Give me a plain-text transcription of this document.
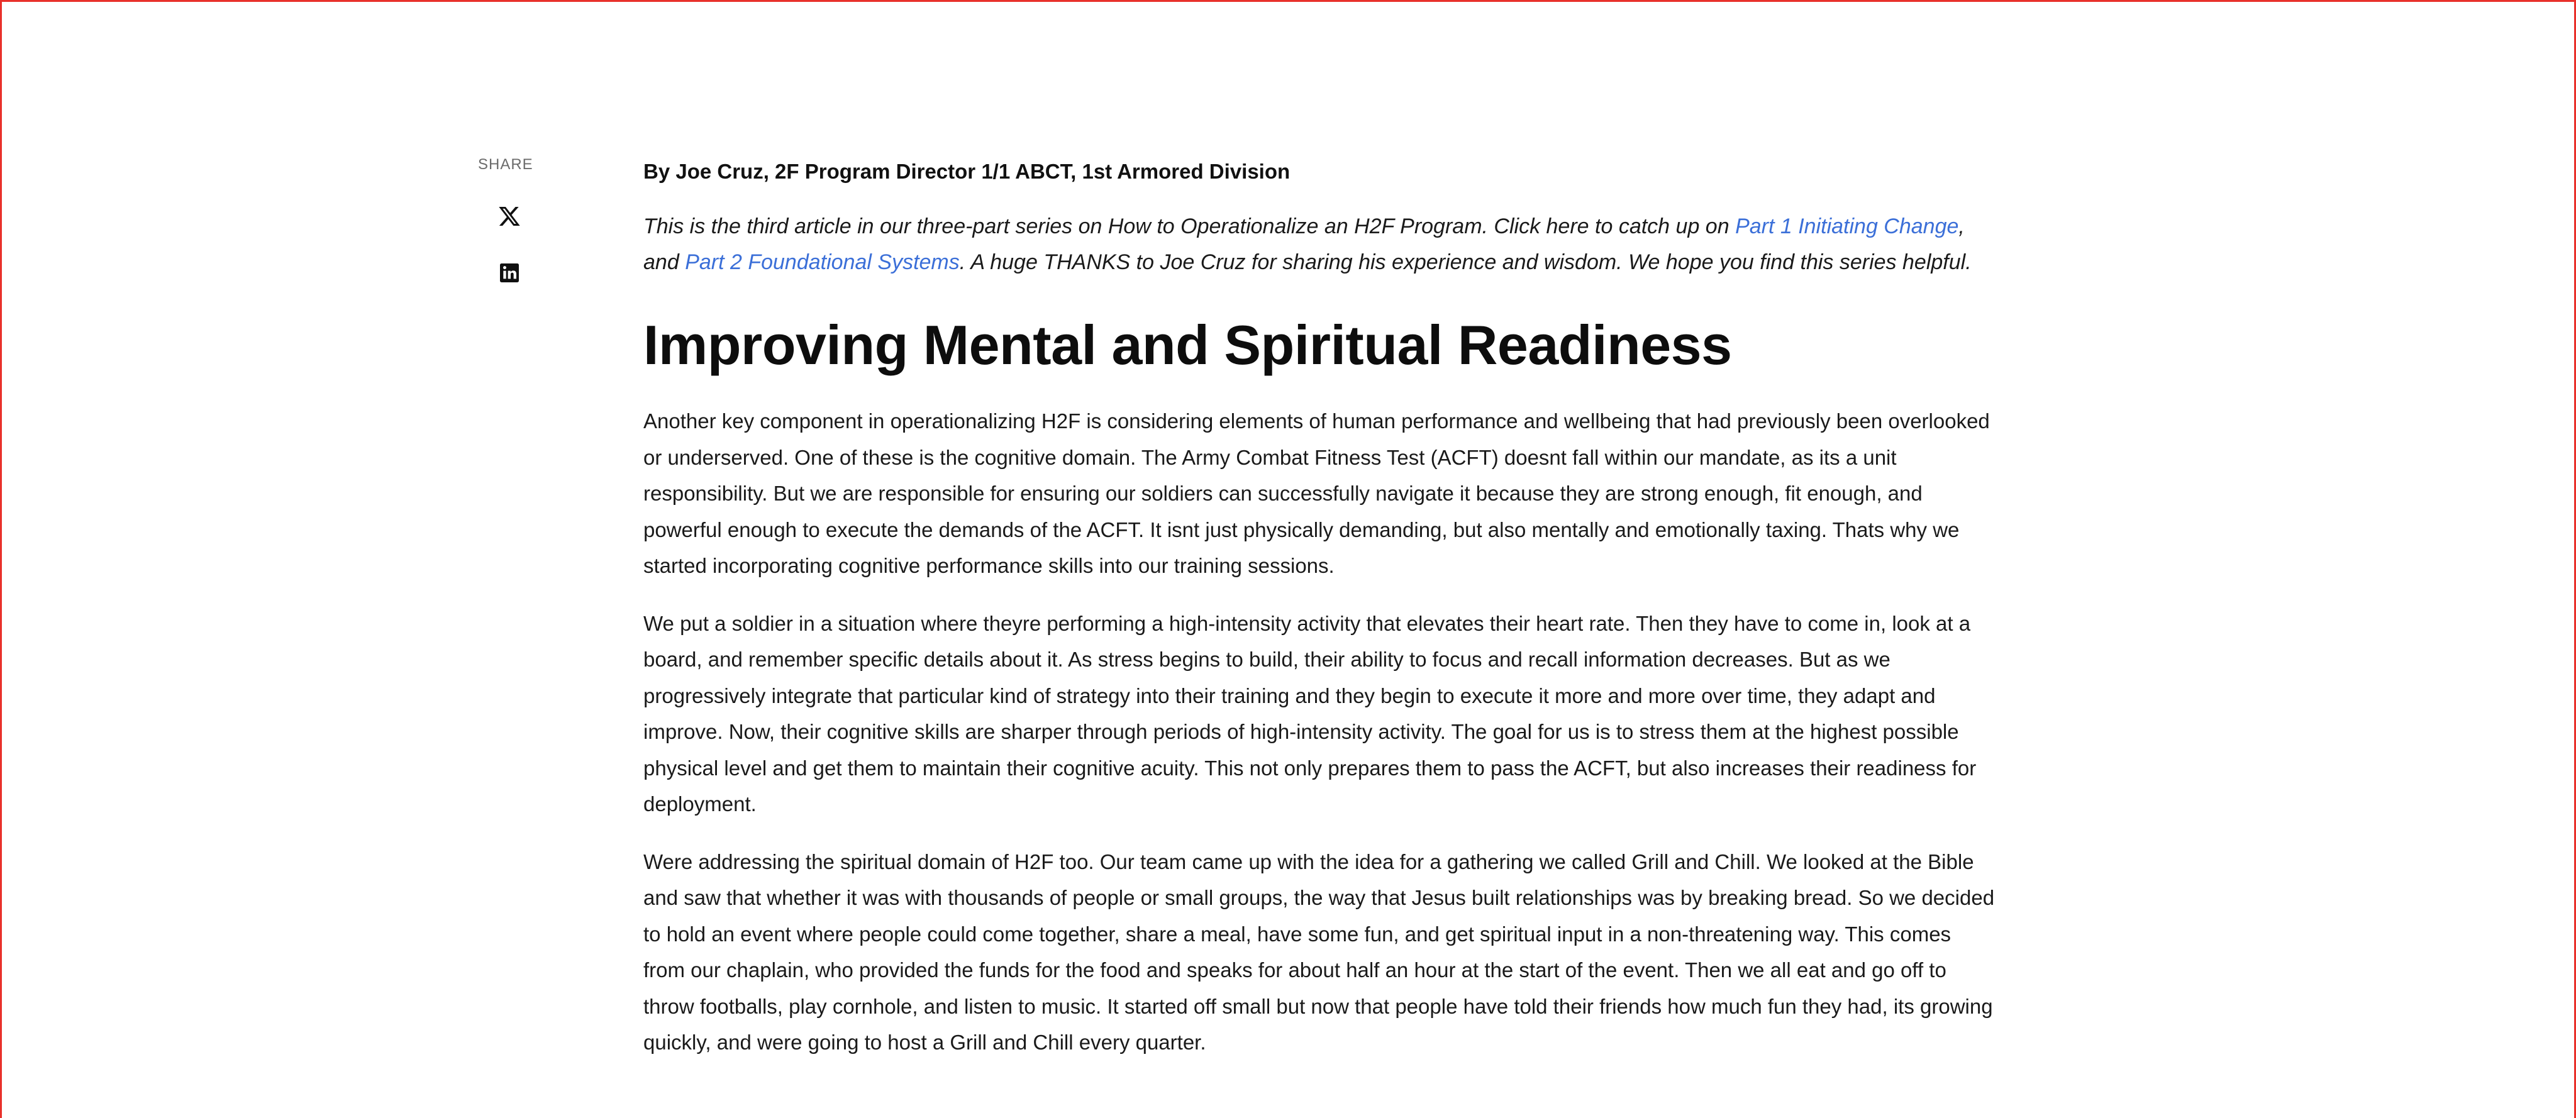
SHARE	By Joe Cruz, 2F Program Director 1/1 ABCT, 1st Armored Division

This is the third article in our three-part series on How to Operationalize an H2F Program. Click here to catch up on Part 1 Initiating Change, and Part 2 Foundational Systems. A huge THANKS to Joe Cruz for sharing his experience and wisdom. We hope you find this series helpful.

Improving Mental and Spiritual Readiness

Another key component in operationalizing H2F is considering elements of human performance and wellbeing that had previously been overlooked or underserved. One of these is the cognitive domain. The Army Combat Fitness Test (ACFT) doesnt fall within our mandate, as its a unit responsibility. But we are responsible for ensuring our soldiers can successfully navigate it because they are strong enough, fit enough, and powerful enough to execute the demands of the ACFT. It isnt just physically demanding, but also mentally and emotionally taxing. Thats why we started incorporating cognitive performance skills into our training sessions.

We put a soldier in a situation where theyre performing a high-intensity activity that elevates their heart rate. Then they have to come in, look at a board, and remember specific details about it. As stress begins to build, their ability to focus and recall information decreases. But as we progressively integrate that particular kind of strategy into their training and they begin to execute it more and more over time, they adapt and improve. Now, their cognitive skills are sharper through periods of high-intensity activity. The goal for us is to stress them at the highest possible physical level and get them to maintain their cognitive acuity. This not only prepares them to pass the ACFT, but also increases their readiness for deployment.

Were addressing the spiritual domain of H2F too. Our team came up with the idea for a gathering we called Grill and Chill. We looked at the Bible and saw that whether it was with thousands of people or small groups, the way that Jesus built relationships was by breaking bread. So we decided to hold an event where people could come together, share a meal, have some fun, and get spiritual input in a non-threatening way. This comes from our chaplain, who provided the funds for the food and speaks for about half an hour at the start of the event. Then we all eat and go off to throw footballs, play cornhole, and listen to music. It started off small but now that people have told their friends how much fun they had, its growing quickly, and were going to host a Grill and Chill every quarter.
